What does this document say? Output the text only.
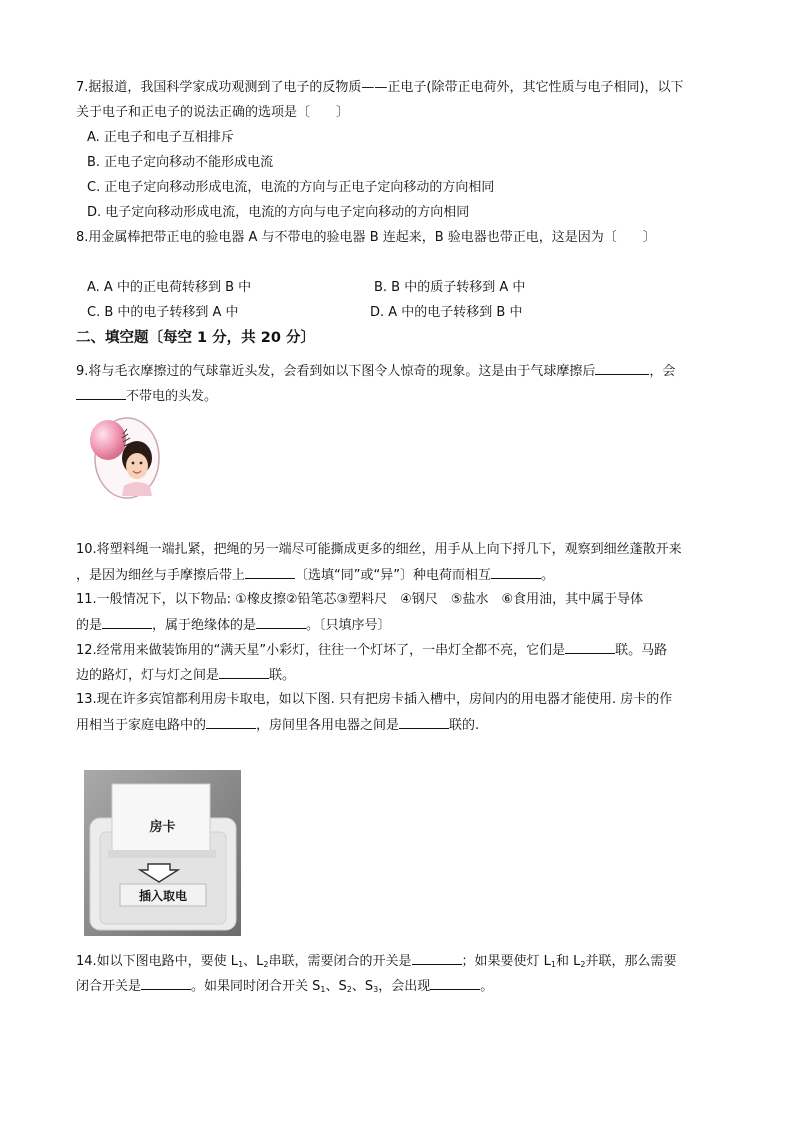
7.据报道，我国科学家成功观测到了电子的反物质——正电子(除带正电荷外，其它性质与电子相同)，以下
关于电子和正电子的说法正确的选项是〔　　〕
A. 正电子和电子互相排斥
B. 正电子定向移动不能形成电流
C. 正电子定向移动形成电流，电流的方向与正电子定向移动的方向相同
D. 电子定向移动形成电流，电流的方向与电子定向移动的方向相同
8.用金属棒把带正电的验电器 A 与不带电的验电器 B 连起来，B 验电器也带正电，这是因为〔　　〕
A. A 中的正电荷转移到 B 中	B. B 中的质子转移到 A 中
C. B 中的电子转移到 A 中	D. A 中的电子转移到 B 中
二、填空题〔每空 1 分，共 20 分〕
9.将与毛衣摩擦过的气球靠近头发，会看到如以下图令人惊奇的现象。这是由于气球摩擦后	，会
不带电的头发。
10.将塑料绳一端扎紧，把绳的另一端尽可能撕成更多的细丝，用手从上向下捋几下，观察到细丝蓬散开来
，是因为细丝与手摩擦后带上	〔选填“同”或“异”〕种电荷而相互	。
11.一般情况下，以下物品: ①橡皮擦②铅笔芯③塑料尺　④钢尺　⑤盐水　⑥食用油，其中属于导体
的是	，属于绝缘体的是	。〔只填序号〕
12.经常用来做装饰用的“满天星”小彩灯，往往一个灯坏了，一串灯全都不亮，它们是	联。马路
边的路灯，灯与灯之间是	联。
13.现在许多宾馆都利用房卡取电，如以下图. 只有把房卡插入槽中，房间内的用电器才能使用. 房卡的作
用相当于家庭电路中的	，房间里各用电器之间是	联的.
房卡
插入取电
14.如以下图电路中，要使 $L_1$、$L_2$串联，需要闭合的开关是	；如果要使灯 $L_1$和 $L_2$并联，那么需要
闭合开关是	。如果同时闭合开关 $S_1$、$S_2$、$S_3$，会出现	。
